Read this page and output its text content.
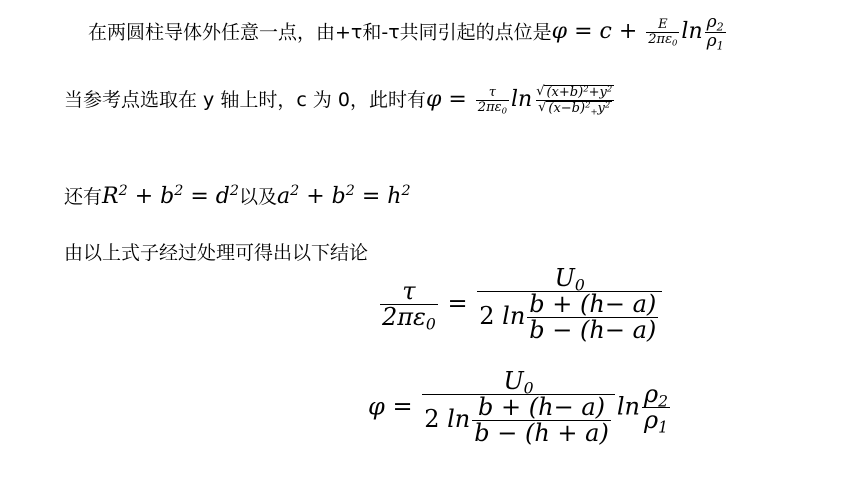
在两圆柱导体外任意一点，由+τ和-τ共同引起的点位是$\varphi = c + \frac{E}{2\pi\varepsilon_0}$ $\ln \frac{\rho_2}{\rho_1}$
当参考点选取在 y 轴上时，c 为 0，此时有$\varphi = \frac{\tau}{2\pi\varepsilon_0}$ $\ln \frac{√ (x+b)^2+y^2}{√ (x-b)^2_+y^2}$
还有$R^2 + b^2 = d^2$以及$a^2 + b^2 = h^2$
由以上式子经过处理可得出以下结论
$\frac{\tau}{2\pi\varepsilon_0} = \frac{U_0}{2 \ln \frac{b + (h- a)}{b - (h- a)}}$
$\varphi = \frac{U_0}{2 \ln \frac{b + (h- a)}{b - (h + a)}}$ $\ln \frac{\rho_2}{\rho_1}$
